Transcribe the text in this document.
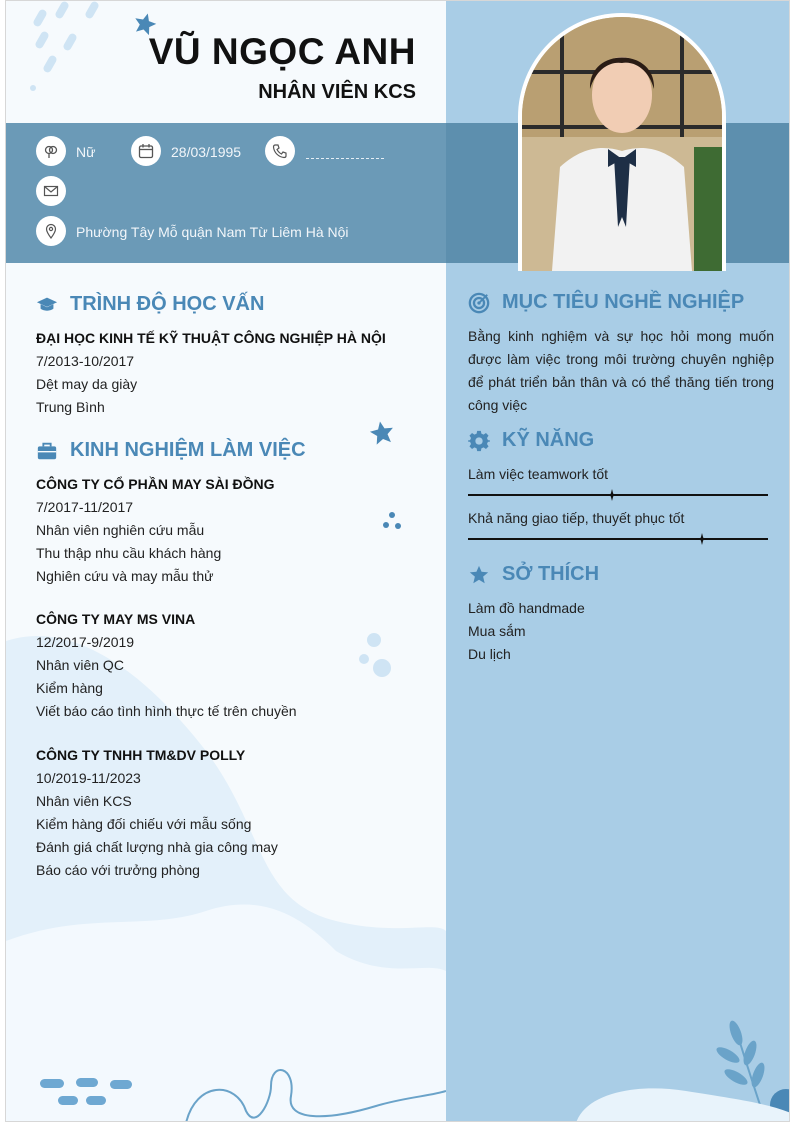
VŨ NGỌC ANH
NHÂN VIÊN KCS
Nữ	28/03/1995
Phường Tây Mỗ quận Nam Từ Liêm Hà Nội
TRÌNH ĐỘ HỌC VẤN
ĐẠI HỌC KINH TẾ KỸ THUẬT CÔNG NGHIỆP HÀ NỘI
7/2013-10/2017
Dệt may da giày
Trung Bình
KINH NGHIỆM LÀM VIỆC
CÔNG TY CỔ PHẦN MAY SÀI ĐỒNG
7/2017-11/2017
Nhân viên nghiên cứu mẫu
Thu thập nhu cầu khách hàng
Nghiên cứu và may mẫu thử
CÔNG TY MAY MS VINA
12/2017-9/2019
Nhân viên QC
Kiểm hàng
Viết báo cáo tình hình thực tế trên chuyền
CÔNG TY TNHH TM&DV POLLY
10/2019-11/2023
Nhân viên KCS
Kiểm hàng đối chiếu với mẫu sống
Đánh giá chất lượng nhà gia công may
Báo cáo với trưởng phòng
MỤC TIÊU NGHỀ NGHIỆP
Bằng kinh nghiệm và sự học hỏi mong muốn được làm việc trong môi trường chuyên nghiệp để phát triển bản thân và có thể thăng tiến trong công việc
KỸ NĂNG
Làm việc teamwork tốt
Khả năng giao tiếp, thuyết phục tốt
SỞ THÍCH
Làm đồ handmade
Mua sắm
Du lịch
